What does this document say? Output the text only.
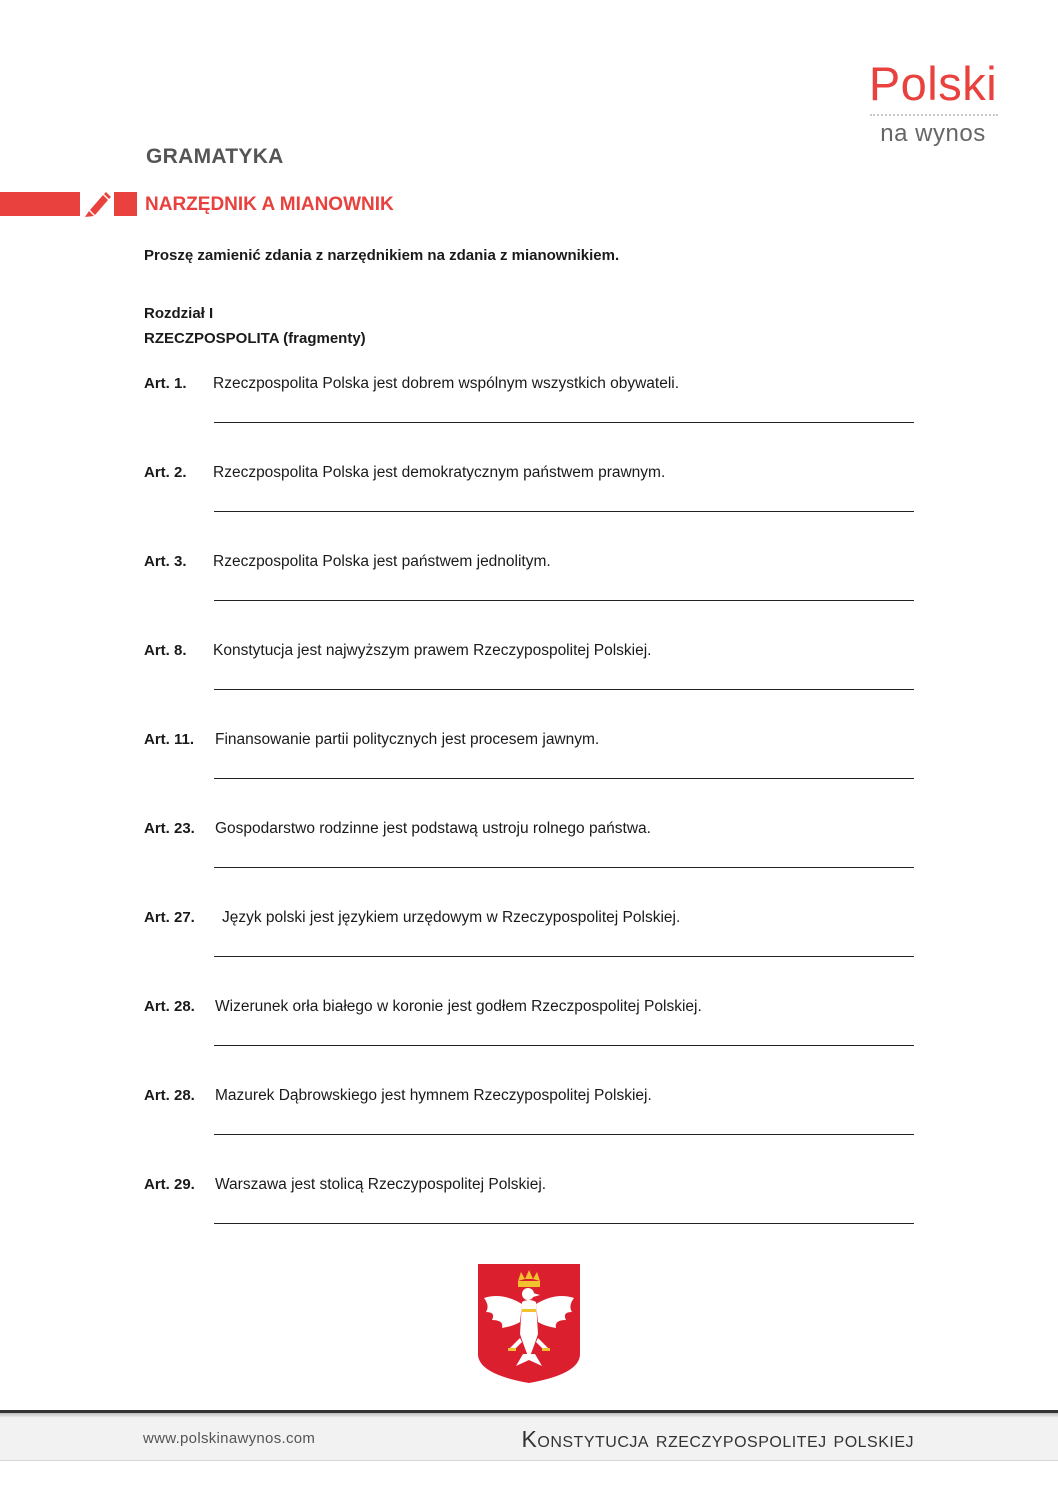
Polski
na wynos
GRAMATYKA
NARZĘDNIK A MIANOWNIK
Proszę zamienić zdania z narzędnikiem na zdania z mianownikiem.
Rozdział I
RZECZPOSPOLITA (fragmenty)
Art. 1. Rzeczpospolita Polska jest dobrem wspólnym wszystkich obywateli.
Art. 2. Rzeczpospolita Polska jest demokratycznym państwem prawnym.
Art. 3. Rzeczpospolita Polska jest państwem jednolitym.
Art. 8. Konstytucja jest najwyższym prawem Rzeczypospolitej Polskiej.
Art. 11. Finansowanie partii politycznych jest procesem jawnym.
Art. 23. Gospodarstwo rodzinne jest podstawą ustroju rolnego państwa.
Art. 27. Język polski jest językiem urzędowym w Rzeczypospolitej Polskiej.
Art. 28. Wizerunek orła białego w koronie jest godłem Rzeczpospolitej Polskiej.
Art. 28. Mazurek Dąbrowskiego jest hymnem Rzeczypospolitej Polskiej.
Art. 29. Warszawa jest stolicą Rzeczypospolitej Polskiej.
www.polskinawynos.com	Konstytucja rzeczypospolitej polskiej
